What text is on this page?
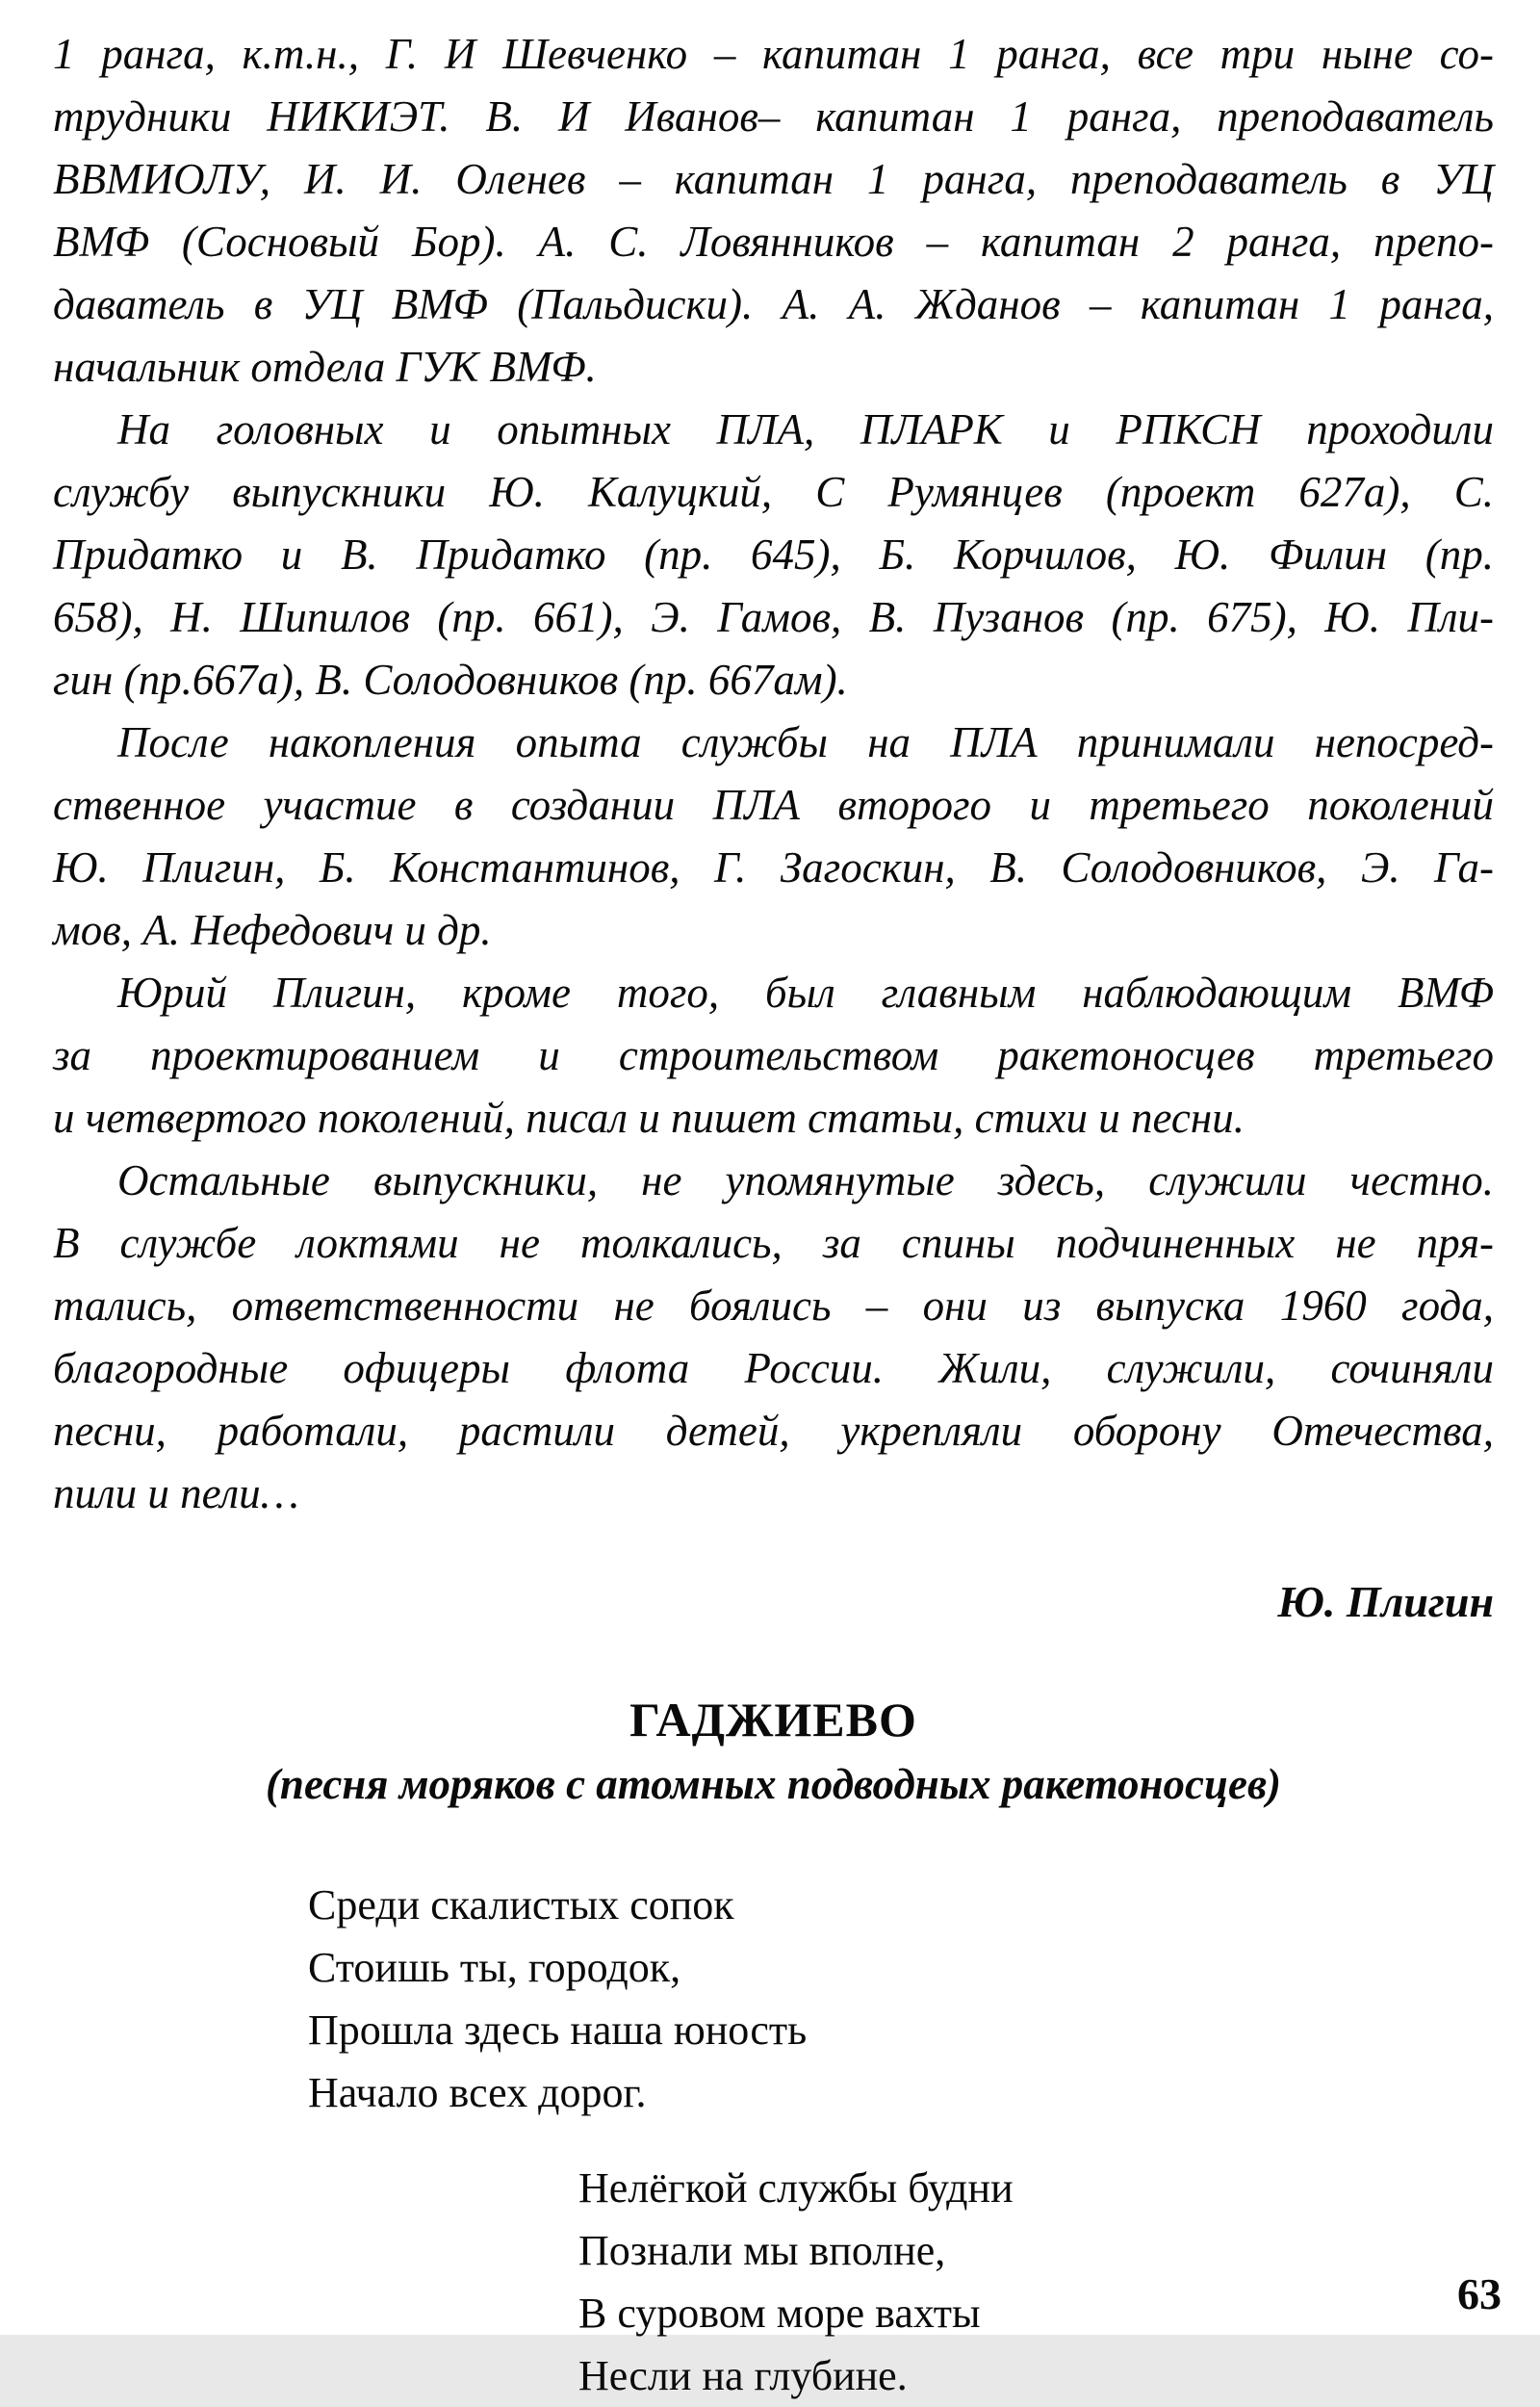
1 ранга, к.т.н., Г. И Шевченко – капитан 1 ранга, все три ныне со-
трудники НИКИЭТ. В. И Иванов– капитан 1 ранга, преподаватель
ВВМИОЛУ, И. И. Оленев – капитан 1 ранга, преподаватель в УЦ
ВМФ (Сосновый Бор). А. С. Ловянников – капитан 2 ранга, препо-
даватель в УЦ ВМФ (Пальдиски). А. А. Жданов – капитан 1 ранга,
начальник отдела ГУК ВМФ.
На головных и опытных ПЛА, ПЛАРК и РПКСН проходили
службу выпускники Ю. Калуцкий, С Румянцев (проект 627а), С.
Придатко и В. Придатко (пр. 645), Б. Корчилов, Ю. Филин (пр.
658), Н. Шипилов (пр. 661), Э. Гамов, В. Пузанов (пр. 675), Ю. Пли-
гин (пр.667а), В. Солодовников (пр. 667ам).
После накопления опыта службы на ПЛА принимали непосред-
ственное участие в создании ПЛА второго и третьего поколений
Ю. Плигин, Б. Константинов, Г. Загоскин, В. Солодовников, Э. Га-
мов, А. Нефедович и др.
Юрий Плигин, кроме того, был главным наблюдающим ВМФ
за проектированием и строительством ракетоносцев третьего
и четвертого поколений, писал и пишет статьи, стихи и песни.
Остальные выпускники, не упомянутые здесь, служили честно.
В службе локтями не толкались, за спины подчиненных не пря-
тались, ответственности не боялись – они из выпуска 1960 года,
благородные офицеры флота России. Жили, служили, сочиняли
песни, работали, растили детей, укрепляли оборону Отечества,
пили и пели…
Ю. Плигин
ГАДЖИЕВО
(песня моряков с атомных подводных ракетоносцев)
Среди скалистых сопок
Стоишь ты, городок,
Прошла здесь наша юность
Начало всех дорог.
Нелёгкой службы будни
Познали мы вполне,
В суровом море вахты
Несли на глубине.
63
